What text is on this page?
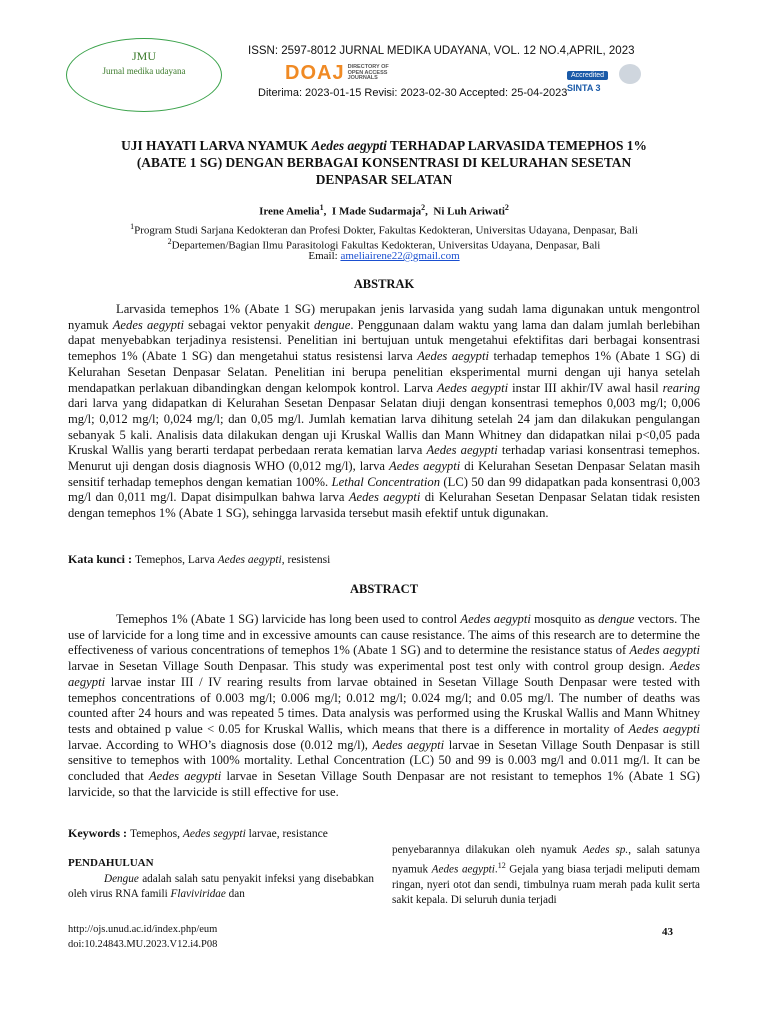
JMU
Jurnal medika udayana
ISSN: 2597-8012 JURNAL MEDIKA UDAYANA, VOL. 12 NO.4,APRIL, 2023
DOAJ DIRECTORY OF
OPEN ACCESS
JOURNALS	Accredited
SINTA 3
Diterima: 2023-01-15 Revisi: 2023-02-30 Accepted: 25-04-2023
UJI HAYATI LARVA NYAMUK Aedes aegypti TERHADAP LARVASIDA TEMEPHOS 1%
(ABATE 1 SG) DENGAN BERBAGAI KONSENTRASI DI KELURAHAN SESETAN
DENPASAR SELATAN
Irene Amelia$^1$,  I Made Sudarmaja$^2$,  Ni Luh Ariwati$^2$
$^1$Program Studi Sarjana Kedokteran dan Profesi Dokter, Fakultas Kedokteran, Universitas Udayana, Denpasar, Bali
$^2$Departemen/Bagian Ilmu Parasitologi Fakultas Kedokteran, Universitas Udayana, Denpasar, Bali
Email: ameliairene22@gmail.com
ABSTRAK
Larvasida temephos 1% (Abate 1 SG) merupakan jenis larvasida yang sudah lama digunakan untuk mengontrol nyamuk Aedes aegypti sebagai vektor penyakit dengue. Penggunaan dalam waktu yang lama dan dalam jumlah berlebihan dapat menyebabkan terjadinya resistensi. Penelitian ini bertujuan untuk mengetahui efektifitas dari berbagai konsentrasi temephos 1% (Abate 1 SG) dan mengetahui status resistensi larva Aedes aegypti terhadap temephos 1% (Abate 1 SG) di Kelurahan Sesetan Denpasar Selatan. Penelitian ini berupa penelitian eksperimental murni dengan uji hanya setelah mendapatkan perlakuan dibandingkan dengan kelompok kontrol. Larva Aedes aegypti instar III akhir/IV awal hasil rearing dari larva yang didapatkan di Kelurahan Sesetan Denpasar Selatan diuji dengan konsentrasi temephos 0,003 mg/l; 0,006 mg/l; 0,012 mg/l; 0,024 mg/l; dan 0,05 mg/l. Jumlah kematian larva dihitung setelah 24 jam dan dilakukan pengulangan sebanyak 5 kali. Analisis data dilakukan dengan uji Kruskal Wallis dan Mann Whitney dan didapatkan nilai p<0,05 pada Kruskal Wallis yang berarti terdapat perbedaan rerata kematian larva Aedes aegypti terhadap variasi konsentrasi temephos. Menurut uji dengan dosis diagnosis WHO (0,012 mg/l), larva Aedes aegypti di Kelurahan Sesetan Denpasar Selatan masih sensitif terhadap temephos dengan kematian 100%. Lethal Concentration (LC) 50 dan 99 didapatkan pada konsentrasi 0,003 mg/l dan 0,011 mg/l. Dapat disimpulkan bahwa larva Aedes aegypti di Kelurahan Sesetan Denpasar Selatan tidak resisten dengan temephos 1% (Abate 1 SG), sehingga larvasida tersebut masih efektif untuk digunakan.
Kata kunci : Temephos, Larva Aedes aegypti, resistensi
ABSTRACT
Temephos 1% (Abate 1 SG) larvicide has long been used to control Aedes aegypti mosquito as dengue vectors. The use of larvicide for a long time and in excessive amounts can cause resistance. The aims of this research are to determine the effectiveness of various concentrations of temephos 1% (Abate 1 SG) and to determine the resistance status of Aedes aegypti larvae in Sesetan Village South Denpasar. This study was experimental post test only with control group design. Aedes aegypti larvae instar III / IV rearing results from larvae obtained in Sesetan Village South Denpasar were tested with temephos concentrations of 0.003 mg/l; 0.006 mg/l; 0.012 mg/l; 0.024 mg/l; and 0.05 mg/l. The number of deaths was counted after 24 hours and was repeated 5 times. Data analysis was performed using the Kruskal Wallis and Mann Whitney tests and obtained p value < 0.05 for Kruskal Wallis, which means that there is a difference in mortality of Aedes aegypti larvae. According to WHO’s diagnosis dose (0.012 mg/l), Aedes aegypti larvae in Sesetan Village South Denpasar is still sensitive to temephos with 100% mortality. Lethal Concentration (LC) 50 and 99 is 0.003 mg/l and 0.011 mg/l. It can be concluded that Aedes aegypti larvae in Sesetan Village South Denpasar are not resistant to temephos 1% (Abate 1 SG) larvicide, so that the larvicide is still effective for use.
Keywords : Temephos, Aedes segypti larvae, resistance
PENDAHULUAN
Dengue adalah salah satu penyakit infeksi yang disebabkan oleh virus RNA famili Flaviviridae dan
penyebarannya dilakukan oleh nyamuk Aedes sp., salah satunya nyamuk Aedes aegypti.$^{12}$ Gejala yang biasa terjadi meliputi demam ringan, nyeri otot dan sendi, timbulnya ruam merah pada kulit serta sakit kepala. Di seluruh dunia terjadi
http://ojs.unud.ac.id/index.php/eum
doi:10.24843.MU.2023.V12.i4.P08
43
